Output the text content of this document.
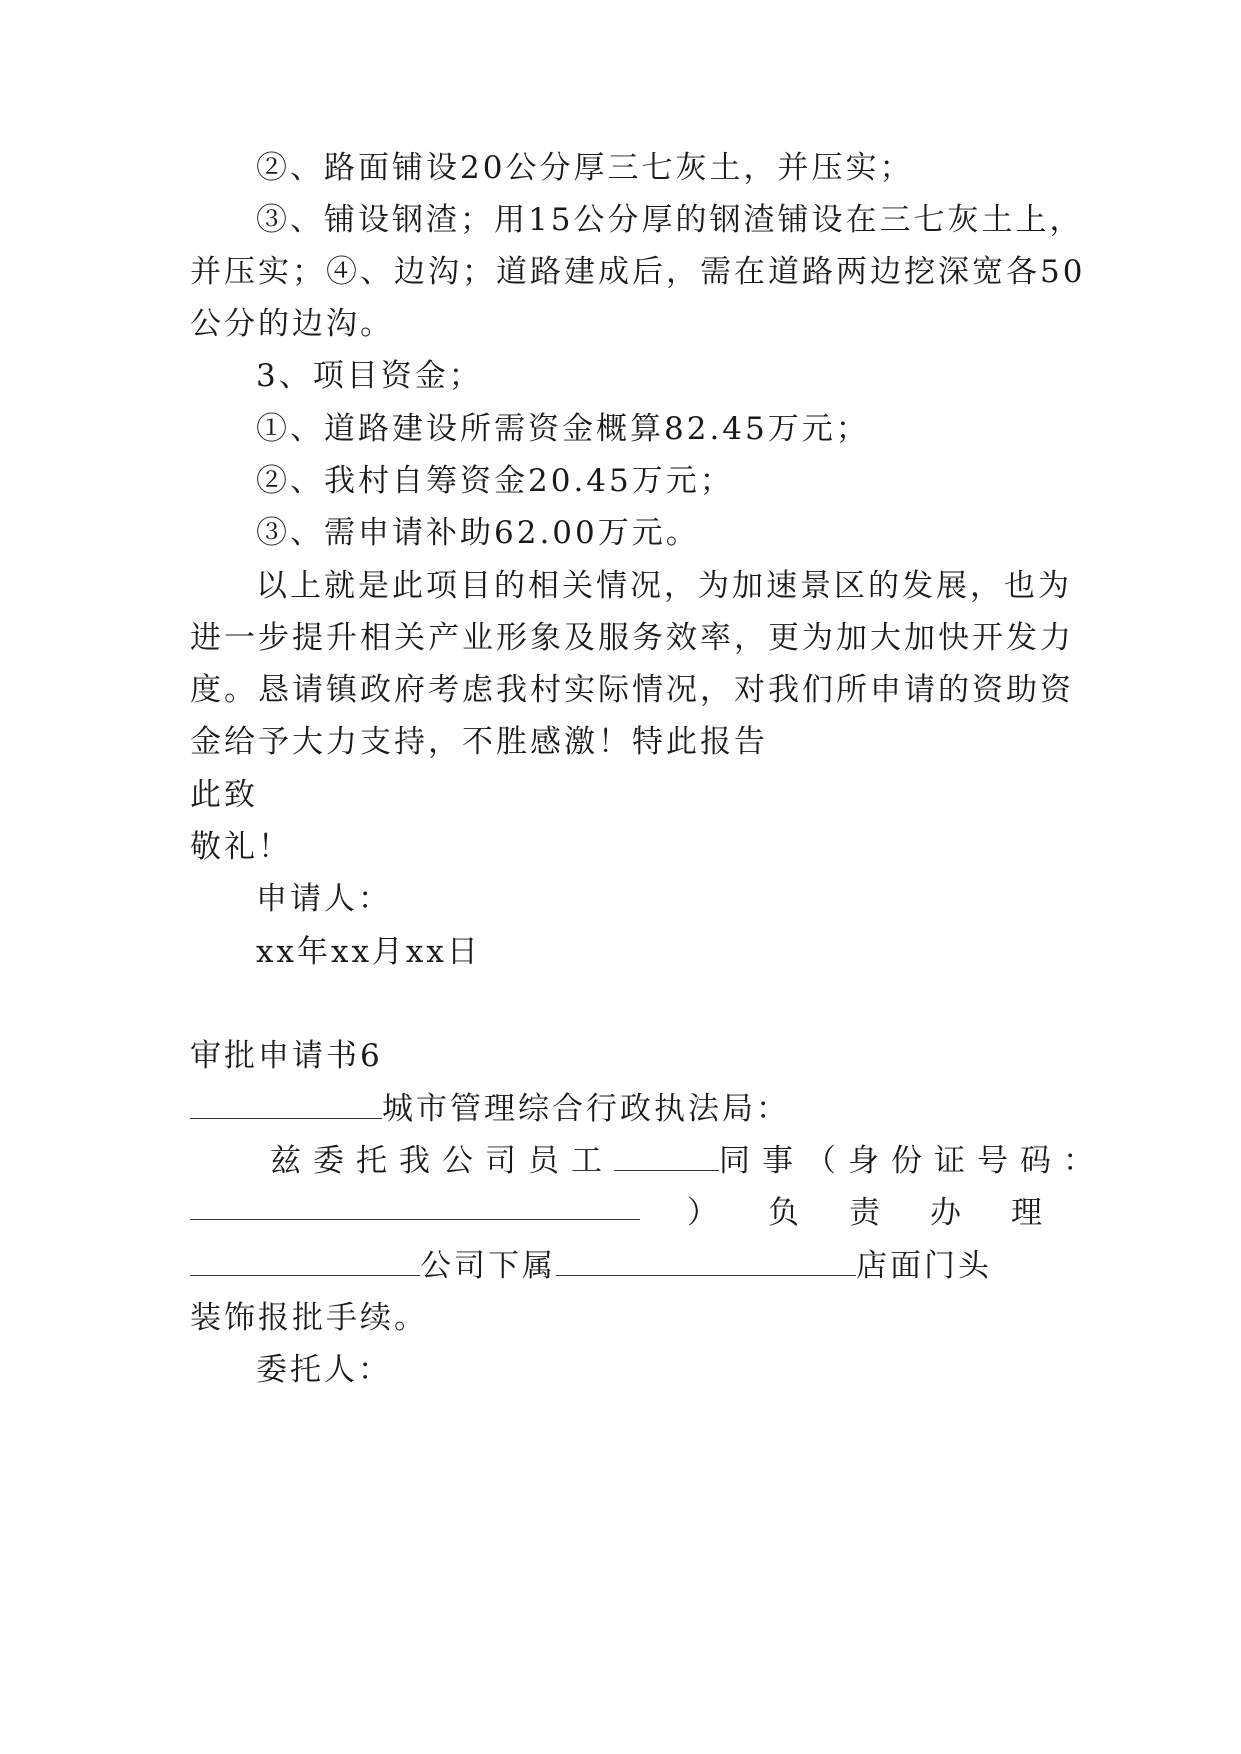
②、路面铺设20公分厚三七灰土，并压实；
③、铺设钢渣；用15公分厚的钢渣铺设在三七灰土上，
并压实；④、边沟；道路建成后，需在道路两边挖深宽各50
公分的边沟。
3、项目资金；
①、道路建设所需资金概算82.45万元；
②、我村自筹资金20.45万元；
③、需申请补助62.00万元。
以上就是此项目的相关情况，为加速景区的发展，也为
进一步提升相关产业形象及服务效率，更为加大加快开发力
度。恳请镇政府考虑我村实际情况，对我们所申请的资助资
金给予大力支持，不胜感激！特此报告
此致
敬礼！
申请人：
xx年xx月xx日
审批申请书6
城市管理综合行政执法局：
兹委托我公司员工	同事（身份证号码：
） 负 责 办 理
公司下属	店面门头
装饰报批手续。
委托人：
